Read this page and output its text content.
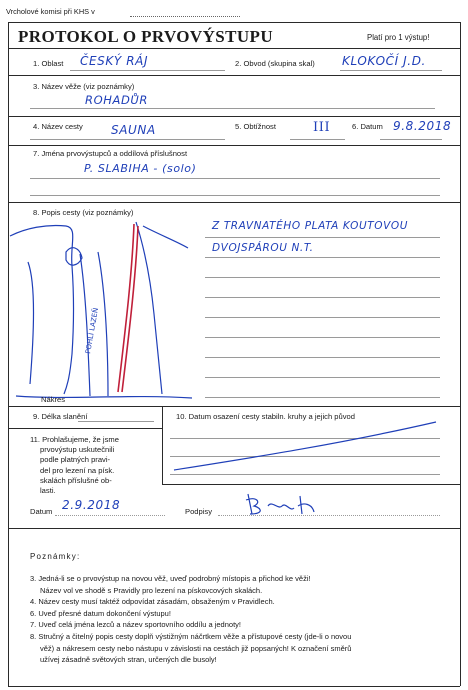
Vrcholové komisi při KHS v
PROTOKOL O PRVOVÝSTUPU	Platí pro 1 výstup!
1. Oblast ČESKÝ RÁJ	2. Obvod (skupina skal) KLOKOČÍ J.D.
3. Název věže (viz poznámky)
ROHADŮR
4. Název cesty SAUNA	5. Obtížnost	III	6. Datum 9.8.2018
7. Jména prvovýstupců a oddílová příslušnost
P. SLABIHA - (solo)
8. Popis cesty (viz poznámky)
POHLÍ LAZEŇ
Nákres
Z TRAVNATÉHO PLATA KOUTOVOU
DVOJSPÁROU N.T.
9. Délka slanění	10. Datum osazení cesty stabiln. kruhy a jejich původ
11. Prohlašujeme, že jsme
prvovýstup uskutečnili
podle platných pravi-
del pro lezení na písk.
skalách příslušné ob-
lasti.
Datum 2.9.2018	Podpisy
Poznámky:
3. Jedná-li se o prvovýstup na novou věž, uveď podrobný místopis a přichod ke věži!
Název vol ve shodě s Pravidly pro lezení na pískovcových skalách.
4. Název cesty musí taktéž odpovídat zásadám, obsaženým v Pravidlech.
6. Uveď přesné datum dokončení výstupu!
7. Uveď celá jména lezců a název sportovního oddílu a jednoty!
8. Stručný a čitelný popis cesty doplň výstižným náčrtkem věže a přístupové cesty (jde-li o novou
věž) a nákresem cesty nebo nástupu v závislosti na cestách již popsaných! K označení směrů
užívej zásadně světových stran, určených dle busoly!
